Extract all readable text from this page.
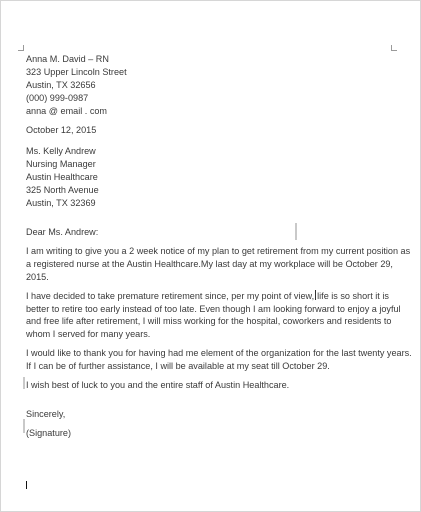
Anna M. David – RN
323 Upper Lincoln Street
Austin, TX 32656
(000) 999-0987
anna @ email . com
October 12, 2015
Ms. Kelly Andrew
Nursing Manager
Austin Healthcare
325 North Avenue
Austin, TX 32369
Dear Ms. Andrew:
I am writing to give you a 2 week notice of my plan to get retirement from my current position as a registered nurse at the Austin Healthcare.My last day at my workplace will be October 29, 2015.
I have decided to take premature retirement since, per my point of view, life is so short it is better to retire too early instead of too late. Even though I am looking forward to enjoy a joyful and free life after retirement, I will miss working for the hospital, coworkers and residents to whom I served for many years.
I would like to thank you for having had me element of the organization for the last twenty years.
If I can be of further assistance, I will be available at my seat till October 29.
I wish best of luck to you and the entire staff of Austin Healthcare.
Sincerely,
(Signature)
